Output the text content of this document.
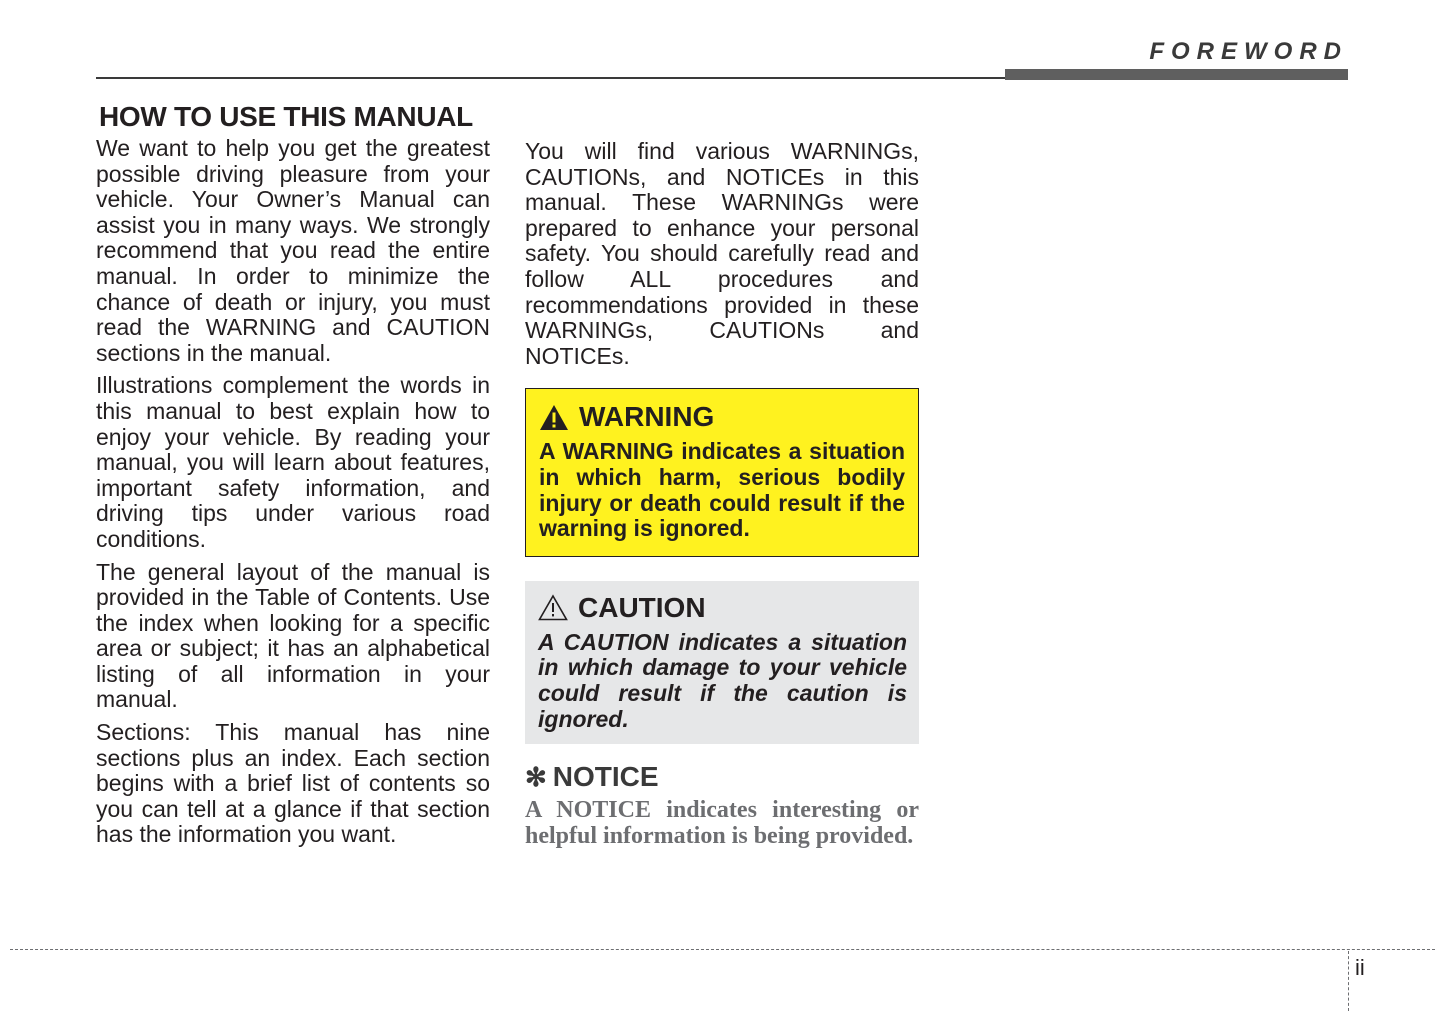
FOREWORD
HOW TO USE THIS MANUAL

We want to help you get the greatest possible driving pleasure from your vehicle. Your Owner’s Manual can assist you in many ways. We strongly recommend that you read the entire manual. In order to minimize the chance of death or injury, you must read the WARNING and CAUTION sections in the manual.

Illustrations complement the words in this manual to best explain how to enjoy your vehicle. By reading your manual, you will learn about features, important safety information, and driving tips under various road conditions.

The general layout of the manual is provided in the Table of Contents. Use the index when looking for a specific area or subject; it has an alphabetical listing of all information in your manual.

Sections: This manual has nine sections plus an index. Each section begins with a brief list of contents so you can tell at a glance if that section has the information you want.

You will find various WARNINGs, CAUTIONs, and NOTICEs in this manual. These WARNINGs were prepared to enhance your personal safety. You should carefully read and follow ALL procedures and recommendations provided in these WARNINGs, CAUTIONs and NOTICEs.

WARNING

A WARNING indicates a situation in which harm, serious bodily injury or death could result if the warning is ignored.

CAUTION

A CAUTION indicates a situation in which damage to your vehicle could result if the caution is ignored.

✻ NOTICE

A NOTICE indicates interesting or helpful information is being provided.

ii
